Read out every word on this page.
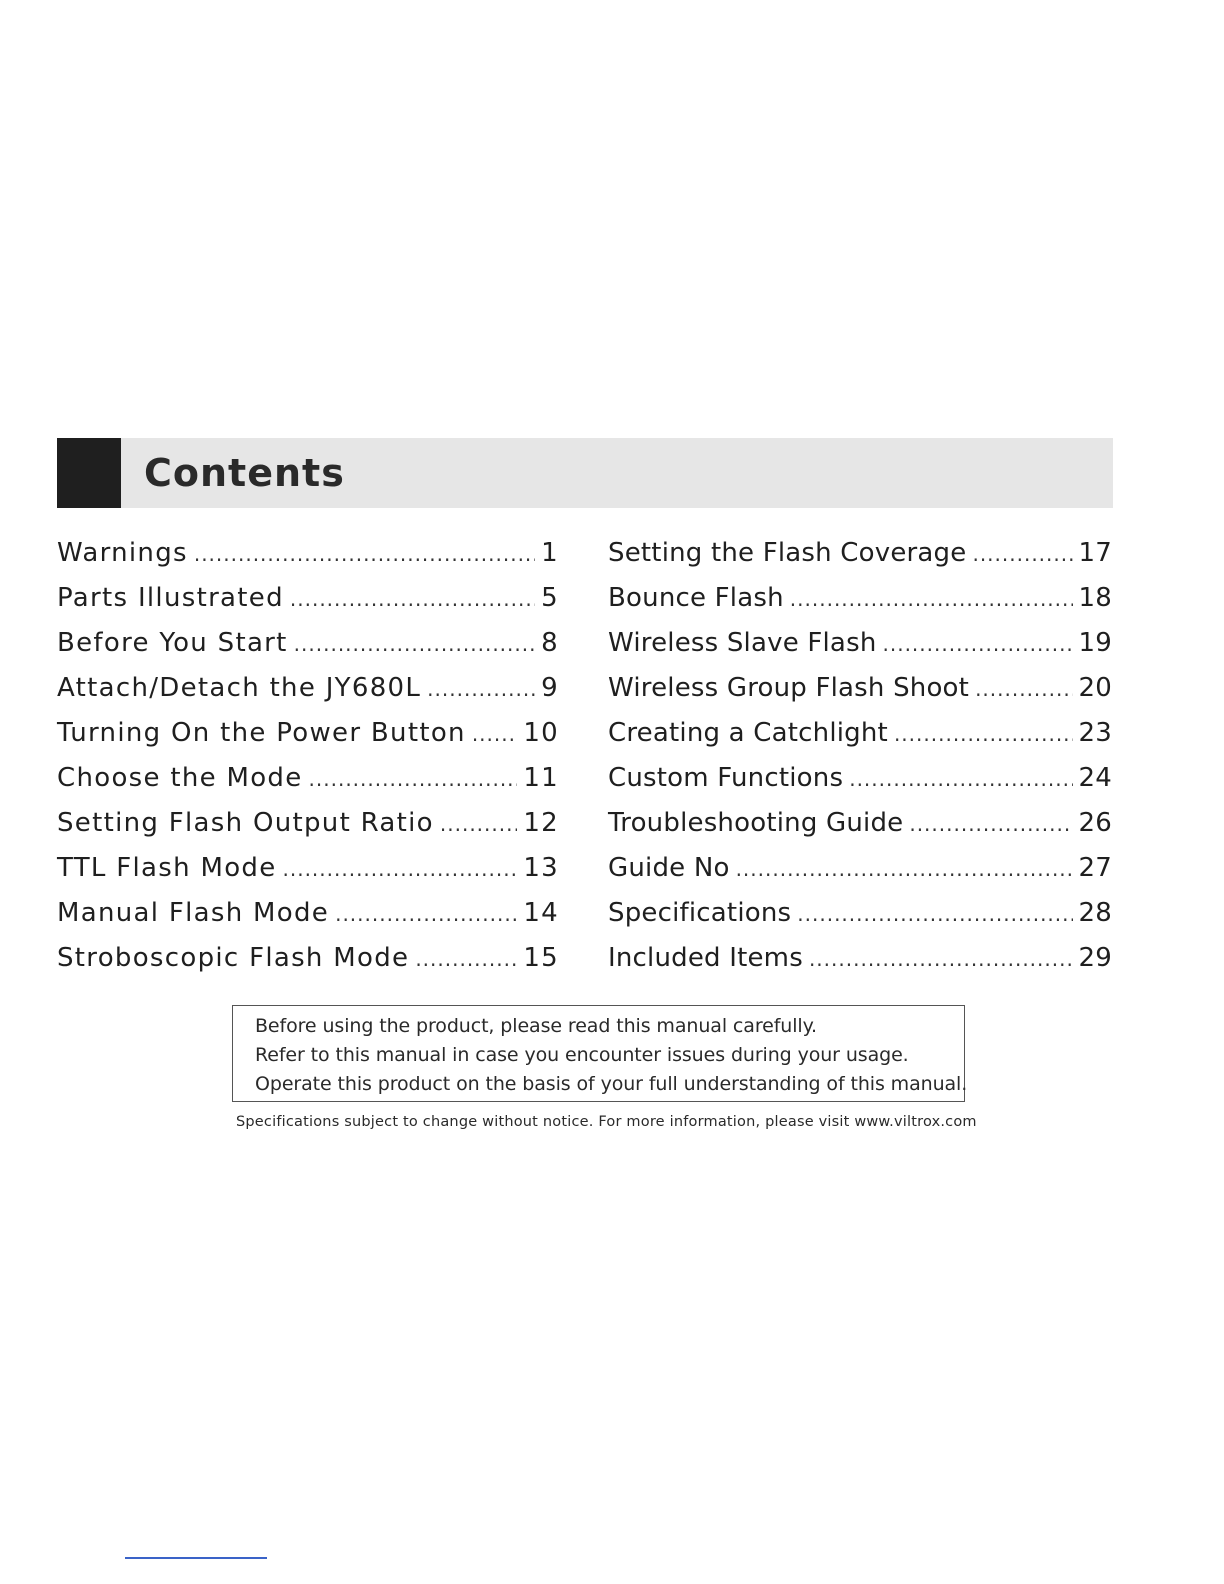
Contents
Warnings .....	1
Parts Illustrated .....	5
Before You Start .....	8
Attach/Detach the JY680L .....	9
Turning On the Power Button ..... 10
Choose the Mode .....	11
Setting Flash Output Ratio .....	12
TTL Flash Mode .....	13
Manual Flash Mode .....	14
Stroboscopic Flash Mode .....	15
Setting the Flash Coverage .....	17
Bounce Flash .....	18
Wireless Slave Flash .....	19
Wireless Group Flash Shoot .....	20
Creating a Catchlight .....	23
Custom Functions .....	24
Troubleshooting Guide .....	26
Guide No .....	27
Specifications .....	28
Included Items .....	29
Before using the product, please read this manual carefully.
Refer to this manual in case you encounter issues during your usage.
Operate this product on the basis of your full understanding of this manual.
Specifications subject to change without notice. For more information, please visit www.viltrox.com
